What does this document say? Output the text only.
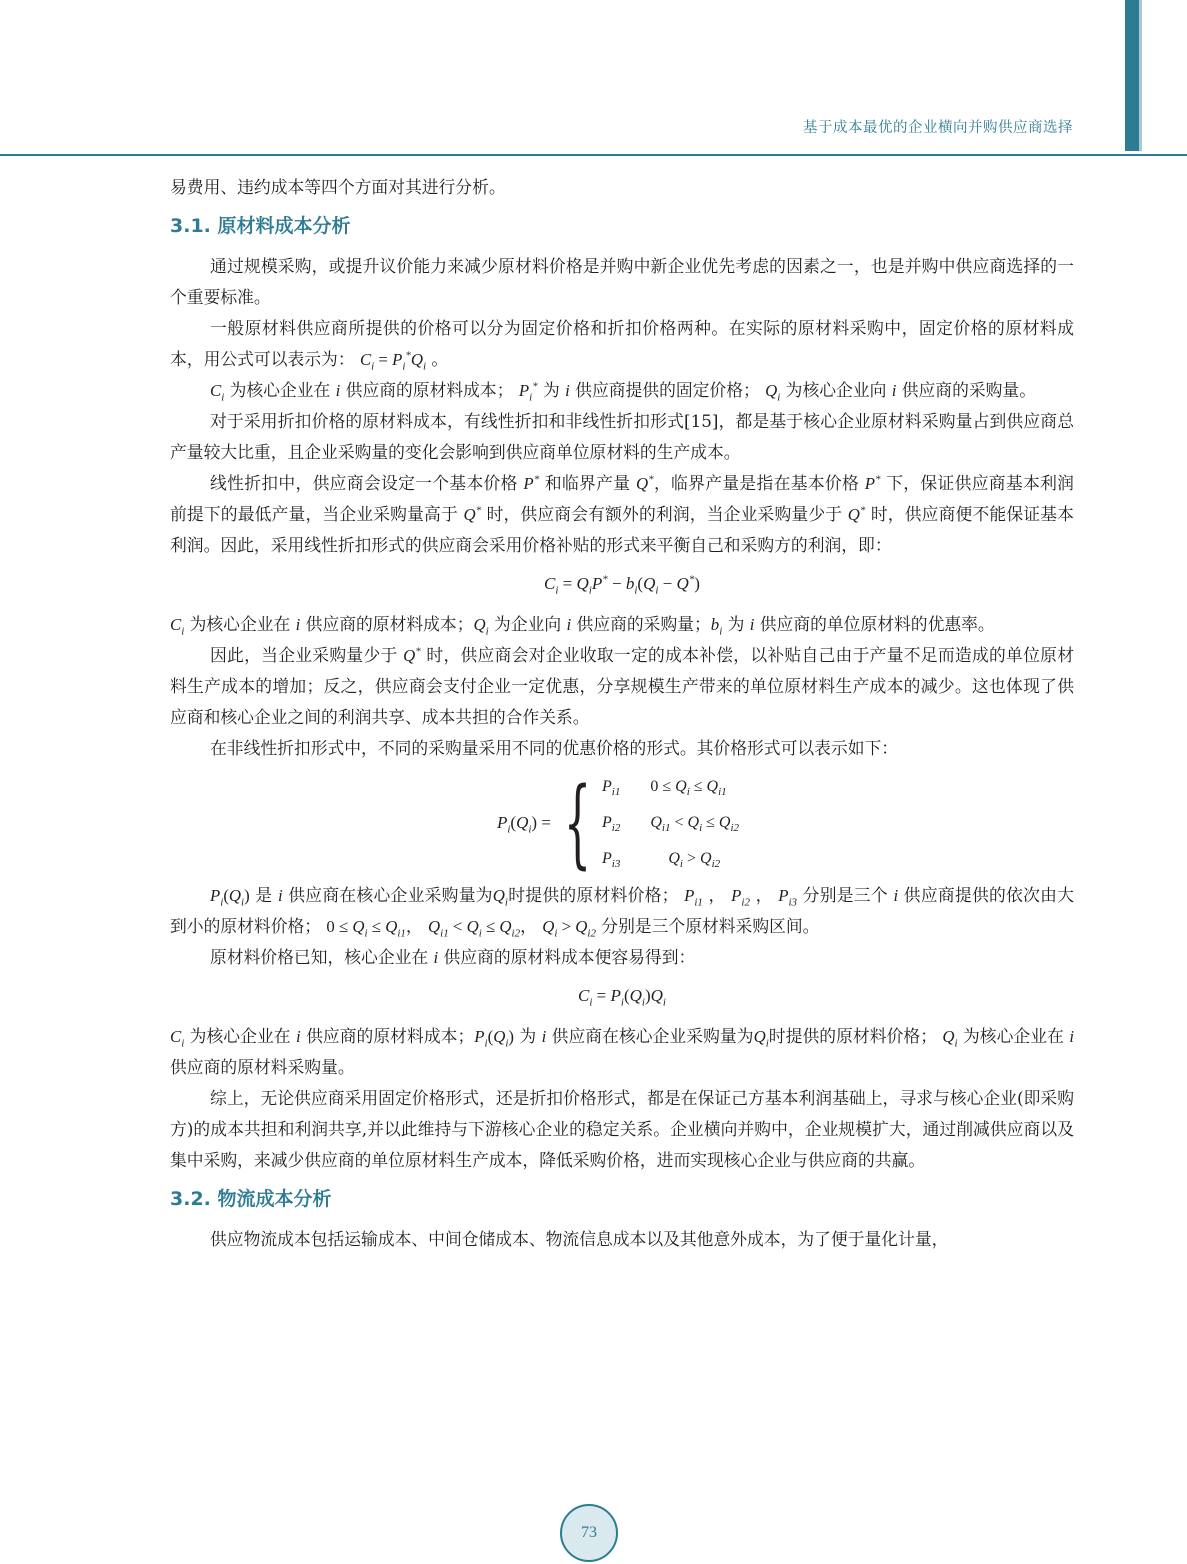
基于成本最优的企业横向并购供应商选择

易费用、违约成本等四个方面对其进行分析。

3.1. 原材料成本分析

通过规模采购，或提升议价能力来减少原材料价格是并购中新企业优先考虑的因素之一，也是并购中供应商选择的一个重要标准。

一般原材料供应商所提供的价格可以分为固定价格和折扣价格两种。在实际的原材料采购中，固定价格的原材料成本，用公式可以表示为： $C_i = P_i^*Q_i$ 。

$C_i$ 为核心企业在 i 供应商的原材料成本； $P_i^*$ 为 i 供应商提供的固定价格； $Q_i$ 为核心企业向 i 供应商的采购量。

对于采用折扣价格的原材料成本，有线性折扣和非线性折扣形式[15]，都是基于核心企业原材料采购量占到供应商总产量较大比重，且企业采购量的变化会影响到供应商单位原材料的生产成本。

线性折扣中，供应商会设定一个基本价格 P* 和临界产量 Q*，临界产量是指在基本价格 P* 下，保证供应商基本利润前提下的最低产量，当企业采购量高于 Q* 时，供应商会有额外的利润，当企业采购量少于 Q* 时，供应商便不能保证基本利润。因此，采用线性折扣形式的供应商会采用价格补贴的形式来平衡自己和采购方的利润，即：

$C_i = Q_iP^* - b_i(Q_i - Q^*)$

$C_i$ 为核心企业在 i 供应商的原材料成本；$Q_i$ 为企业向 i 供应商的采购量；$b_i$ 为 i 供应商的单位原材料的优惠率。

因此，当企业采购量少于 Q* 时，供应商会对企业收取一定的成本补偿，以补贴自己由于产量不足而造成的单位原材料生产成本的增加；反之，供应商会支付企业一定优惠，分享规模生产带来的单位原材料生产成本的减少。这也体现了供应商和核心企业之间的利润共享、成本共担的合作关系。

在非线性折扣形式中，不同的采购量采用不同的优惠价格的形式。其价格形式可以表示如下：

$P_i(Q_i)$ = { $P_{i1}$	$0 \le Q_i \le Q_{i1}$
$P_{i2}$	$Q_{i1} < Q_i \le Q_{i2}$
$P_{i3}$	$Q_i > Q_{i2}$

$P_i(Q_i)$ 是 i 供应商在核心企业采购量为$Q_i$时提供的原材料价格； $P_{i1}$ ， $P_{i2}$ ， $P_{i3}$ 分别是三个 i 供应商提供的依次由大到小的原材料价格； $0 \le Q_i \le Q_{i1}$， $Q_{i1} < Q_i \le Q_{i2}$， $Q_i > Q_{i2}$ 分别是三个原材料采购区间。

原材料价格已知，核心企业在 i 供应商的原材料成本便容易得到：

$C_i = P_i(Q_i)Q_i$

$C_i$ 为核心企业在 i 供应商的原材料成本；$P_i(Q_i)$ 为 i 供应商在核心企业采购量为$Q_i$时提供的原材料价格； $Q_i$ 为核心企业在 i 供应商的原材料采购量。

综上，无论供应商采用固定价格形式，还是折扣价格形式，都是在保证己方基本利润基础上，寻求与核心企业(即采购方)的成本共担和利润共享,并以此维持与下游核心企业的稳定关系。企业横向并购中，企业规模扩大，通过削减供应商以及集中采购，来减少供应商的单位原材料生产成本，降低采购价格，进而实现核心企业与供应商的共赢。

3.2. 物流成本分析

供应物流成本包括运输成本、中间仓储成本、物流信息成本以及其他意外成本，为了便于量化计量，

73
